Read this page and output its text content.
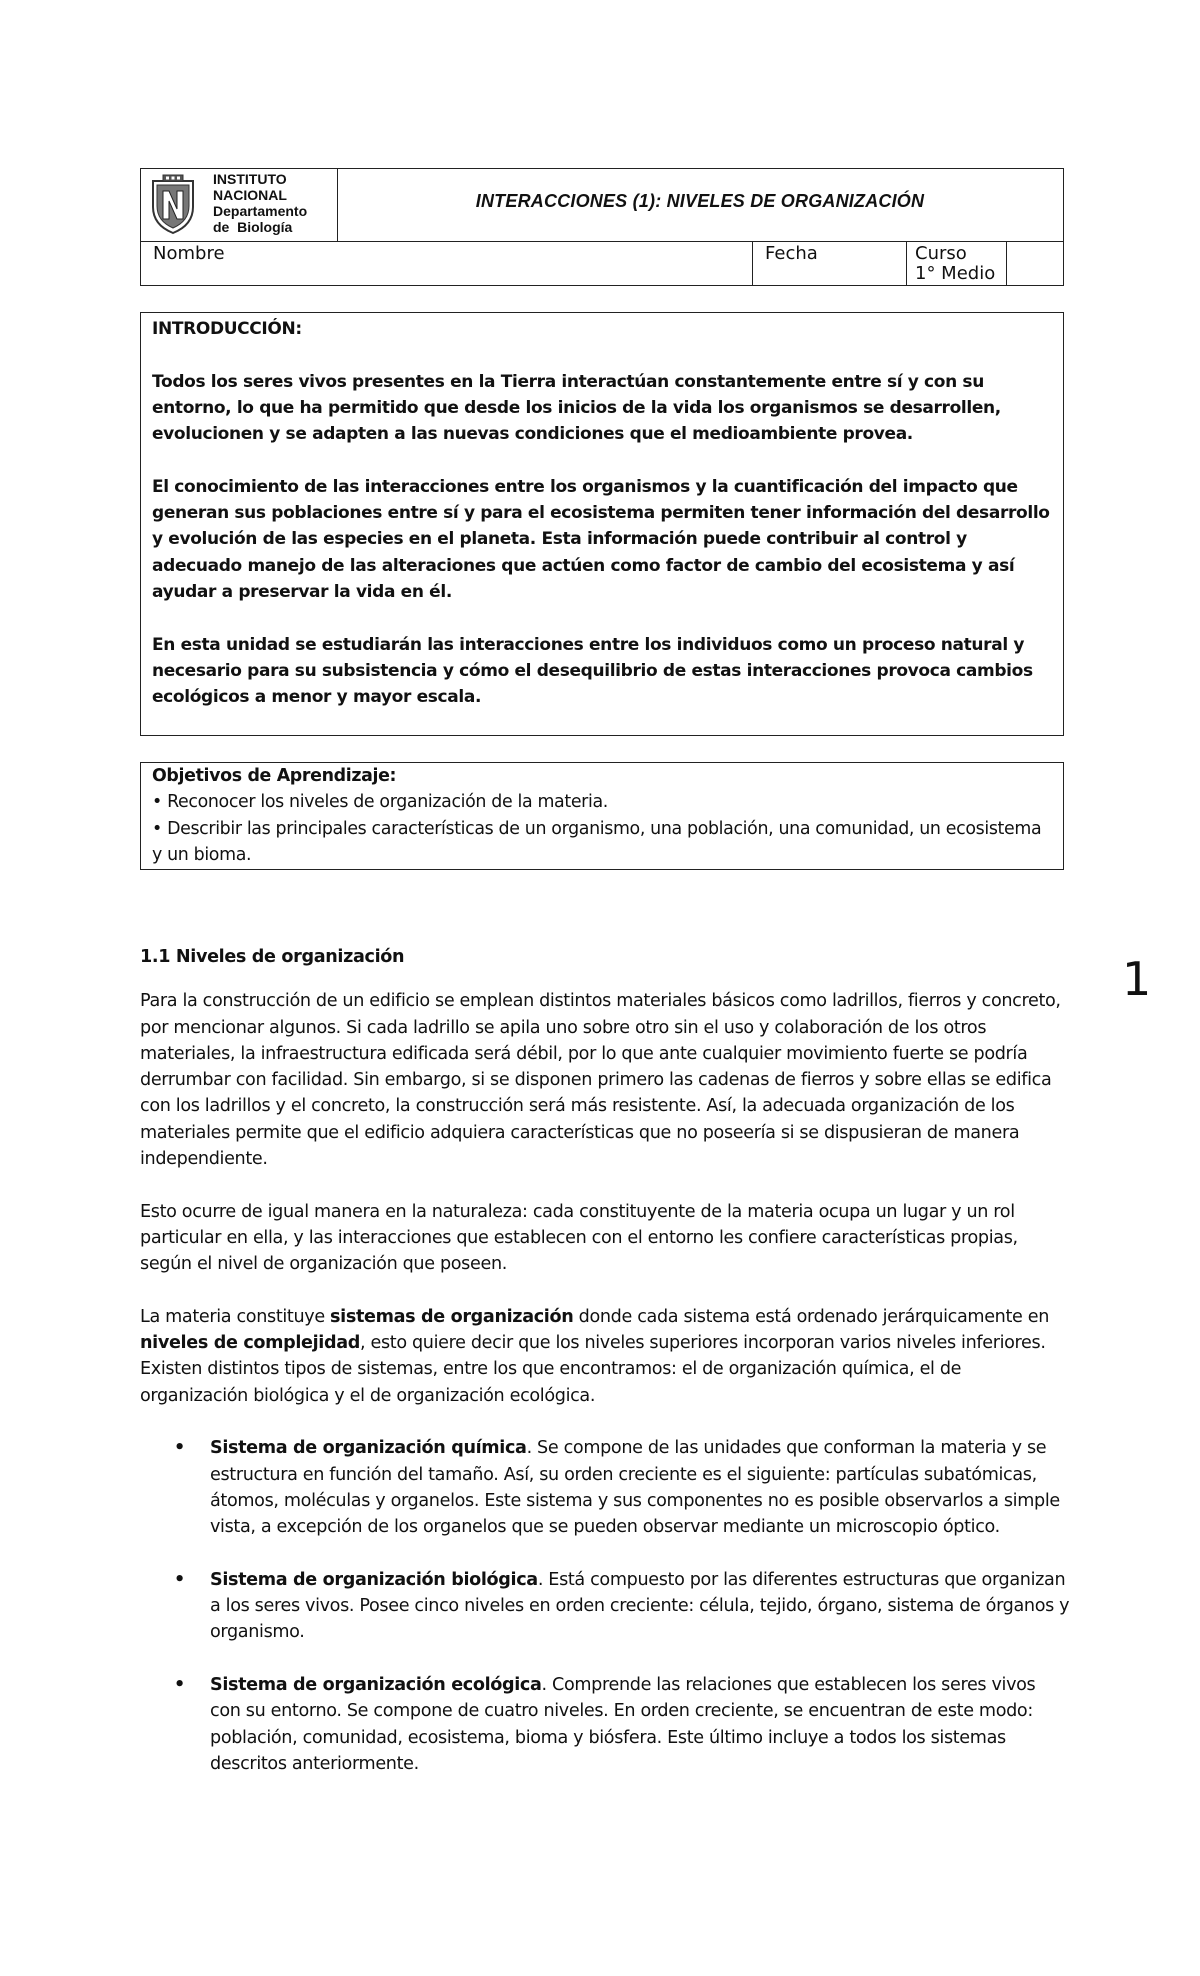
INSTITUTO
NACIONAL
Departamento
de  Biología
INTERACCIONES (1): NIVELES DE ORGANIZACIÓN
Nombre	Fecha	Curso
1° Medio

INTRODUCCIÓN:

Todos los seres vivos presentes en la Tierra interactúan constantemente entre sí y con su entorno, lo que ha permitido que desde los inicios de la vida los organismos se desarrollen, evolucionen y se adapten a las nuevas condiciones que el medioambiente provea.

El conocimiento de las interacciones entre los organismos y la cuantificación del impacto que generan sus poblaciones entre sí y para el ecosistema permiten tener información del desarrollo y evolución de las especies en el planeta. Esta información puede contribuir al control y adecuado manejo de las alteraciones que actúen como factor de cambio del ecosistema y así ayudar a preservar la vida en él.

En esta unidad se estudiarán las interacciones entre los individuos como un proceso natural y necesario para su subsistencia y cómo el desequilibrio de estas interacciones provoca cambios ecológicos a menor y mayor escala.

Objetivos de Aprendizaje:

• Reconocer los niveles de organización de la materia.

• Describir las principales características de un organismo, una población, una comunidad, un ecosistema y un bioma.

1.1 Niveles de organización

Para la construcción de un edificio se emplean distintos materiales básicos como ladrillos, fierros y concreto, por mencionar algunos. Si cada ladrillo se apila uno sobre otro sin el uso y colaboración de los otros materiales, la infraestructura edificada será débil, por lo que ante cualquier movimiento fuerte se podría derrumbar con facilidad. Sin embargo, si se disponen primero las cadenas de fierros y sobre ellas se edifica con los ladrillos y el concreto, la construcción será más resistente. Así, la adecuada organización de los materiales permite que el edificio adquiera características que no poseería si se dispusieran de manera independiente.

Esto ocurre de igual manera en la naturaleza: cada constituyente de la materia ocupa un lugar y un rol particular en ella, y las interacciones que establecen con el entorno les confiere características propias, según el nivel de organización que poseen.

La materia constituye sistemas de organización donde cada sistema está ordenado jerárquicamente en niveles de complejidad, esto quiere decir que los niveles superiores incorporan varios niveles inferiores. Existen distintos tipos de sistemas, entre los que encontramos: el de organización química, el de organización biológica y el de organización ecológica.

• Sistema de organización química. Se compone de las unidades que conforman la materia y se estructura en función del tamaño. Así, su orden creciente es el siguiente: partículas subatómicas, átomos, moléculas y organelos. Este sistema y sus componentes no es posible observarlos a simple vista, a excepción de los organelos que se pueden observar mediante un microscopio óptico.
• Sistema de organización biológica. Está compuesto por las diferentes estructuras que organizan a los seres vivos. Posee cinco niveles en orden creciente: célula, tejido, órgano, sistema de órganos y organismo.
• Sistema de organización ecológica. Comprende las relaciones que establecen los seres vivos con su entorno. Se compone de cuatro niveles. En orden creciente, se encuentran de este modo: población, comunidad, ecosistema, bioma y biósfera. Este último incluye a todos los sistemas descritos anteriormente.
1
